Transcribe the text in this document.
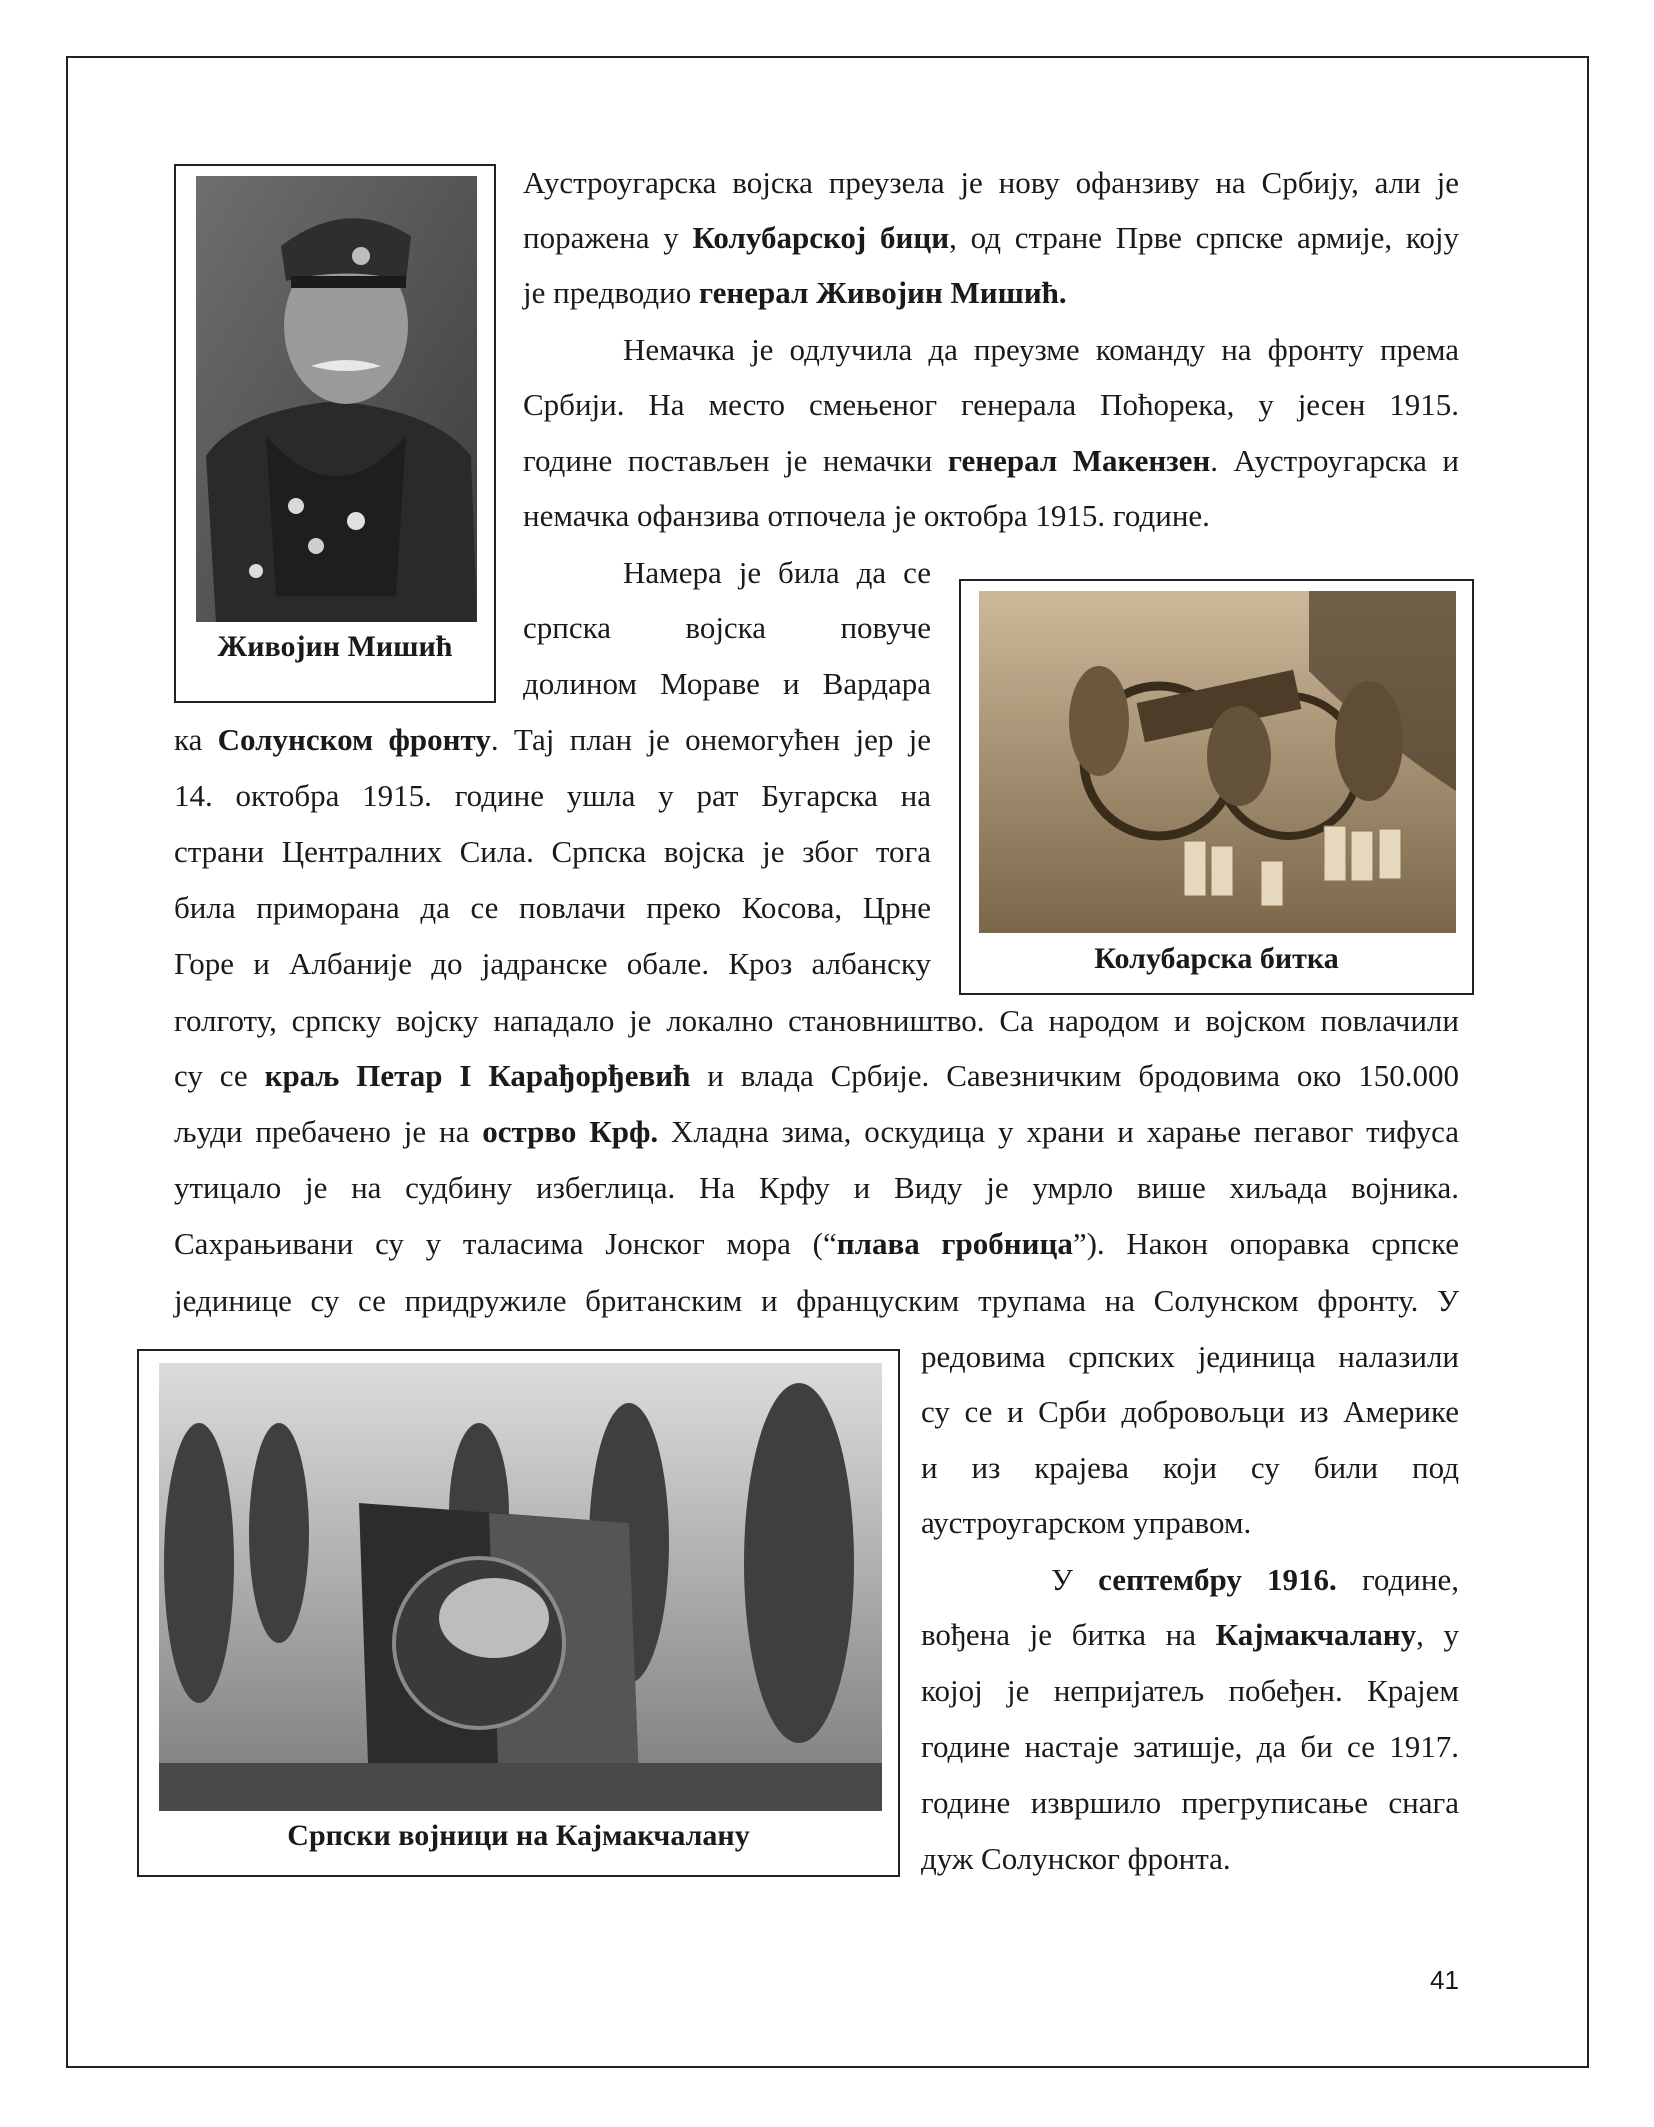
Живојин Мишић
Колубарска битка
Српски војници на Кајмакчалану
Аустроугарска војска преузела је нову офанзиву на Србију, али је
поражена у Колубарској бици, од стране Прве српске армије, коју
је предводио генерал Живојин Мишић.
Немачка је одлучила да преузме команду на фронту према
Србији. На место смењеног генерала Поћорека, у јесен 1915.
године постављен је немачки генерал Макензен. Аустроугарска и
немачка офанзива отпочела је октобра 1915. године.
Намера је била да се
српска војска повуче
долином Мораве и Вардара
ка Солунском фронту. Тај план је онемогућен јер је
14. октобра 1915. године ушла у рат Бугарска на
страни Централних Сила. Српска војска је због тога
била приморана да се повлачи преко Косова, Црне
Горе и Албаније до јадранске обале. Кроз албанску
голготу, српску војску нападало је локално становништво. Са народом и војском повлачили
су се краљ Петар I Карађорђевић и влада Србије. Савезничким бродовима око 150.000
људи пребачено је на острво Крф. Хладна зима, оскудица у храни и харање пегавог тифуса
утицало је на судбину избеглица. На Крфу и Виду је умрло више хиљада војника.
Сахрањивани су у таласима Јонског мора (“плава гробница”). Након опоравка српске
јединице су се придружиле британским и француским трупама на Солунском фронту. У
редовима српских јединица налазили
су се и Срби добровољци из Америке
и из крајева који су били под
аустроугарском управом.
У септембру 1916. године,
вођена је битка на Кајмакчалану, у
којој је непријатељ побеђен. Крајем
године настаје затишје, да би се 1917.
године извршило прегруписање снага
дуж Солунског фронта.
41
